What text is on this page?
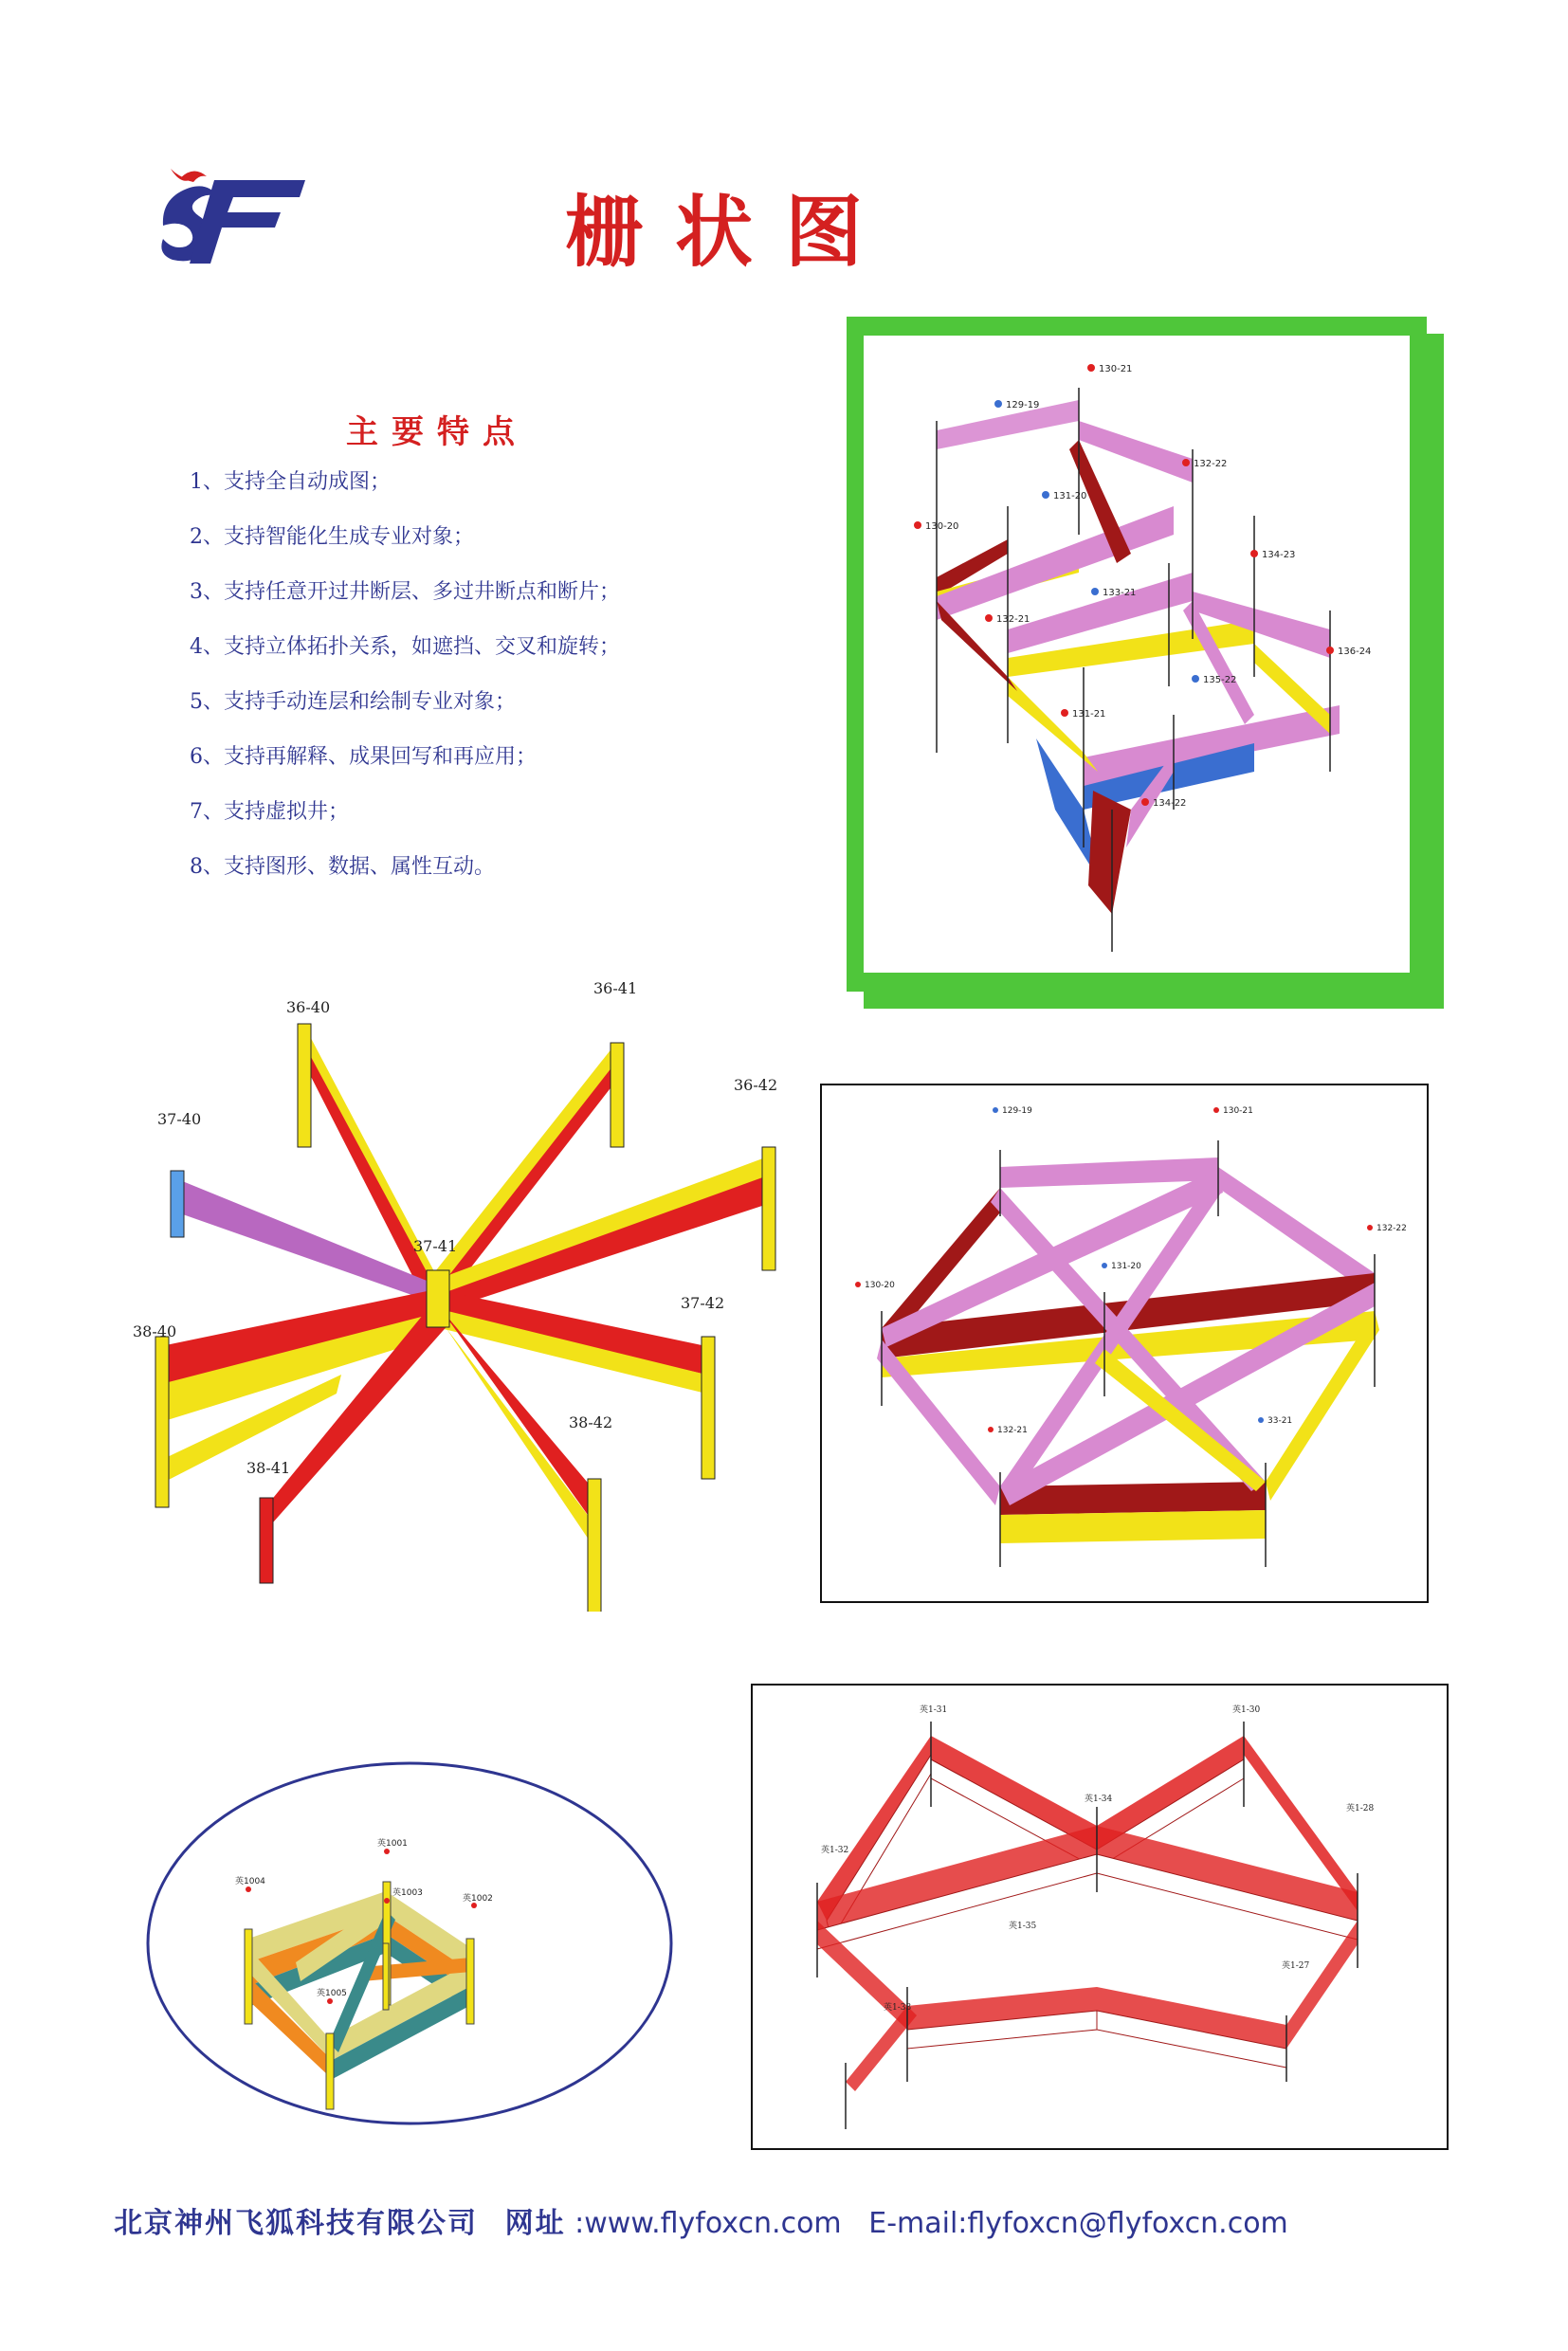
栅状图
主要特点
1、支持全自动成图；
2、支持智能化生成专业对象；
3、支持任意开过井断层、多过井断点和断片；
4、支持立体拓扑关系，如遮挡、交叉和旋转；
5、支持手动连层和绘制专业对象；
6、支持再解释、成果回写和再应用；
7、支持虚拟井；
8、支持图形、数据、属性互动。
129-19
130-21
131-20
132-22
130-20
133-21
134-23
132-21
135-22
136-24
131-21
134-22
36-40
36-41
36-42
37-40
37-41
37-42
38-40
38-41
38-42
129-19	130-21
132-22
130-20
131-20
132-21
33-21
英1004
英1001
英1002
英1003
英1005
英1-31	英1-30
英1-34
英1-28
英1-32
英1-35
英1-33
英1-27
北京神州飞狐科技有限公司 网址 :www.flyfoxcn.com E-mail:flyfoxcn@flyfoxcn.com
